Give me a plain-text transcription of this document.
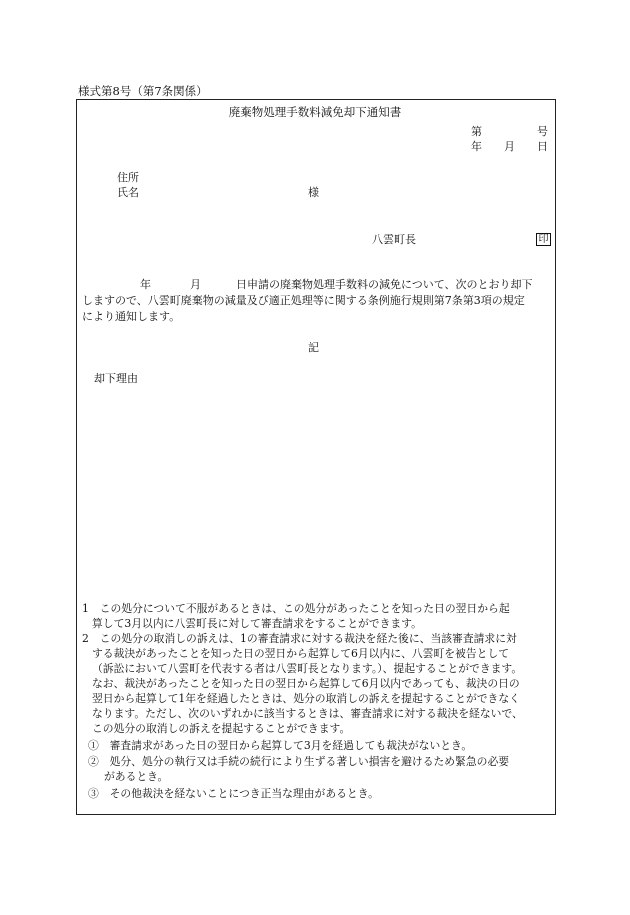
様式第8号（第7条関係）
廃棄物処理手数料減免却下通知書
第　　　　　号
年　　月　　日
住所
氏名	様
八雲町長	印
年	月	日申請の廃棄物処理手数料の減免について、次のとおり却下
しますので、八雲町廃棄物の減量及び適正処理等に関する条例施行規則第7条第3項の規定
により通知します。
記
却下理由
1　この処分について不服があるときは、この処分があったことを知った日の翌日から起
算して3月以内に八雲町長に対して審査請求をすることができます。
2　この処分の取消しの訴えは、1の審査請求に対する裁決を経た後に、当該審査請求に対
する裁決があったことを知った日の翌日から起算して6月以内に、八雲町を被告として
（訴訟において八雲町を代表する者は八雲町長となります。）、提起することができます。
なお、裁決があったことを知った日の翌日から起算して6月以内であっても、裁決の日の
翌日から起算して1年を経過したときは、処分の取消しの訴えを提起することができなく
なります。ただし、次のいずれかに該当するときは、審査請求に対する裁決を経ないで、
この処分の取消しの訴えを提起することができます。
①　審査請求があった日の翌日から起算して3月を経過しても裁決がないとき。
②　処分、処分の執行又は手続の続行により生ずる著しい損害を避けるため緊急の必要
があるとき。
③　その他裁決を経ないことにつき正当な理由があるとき。
